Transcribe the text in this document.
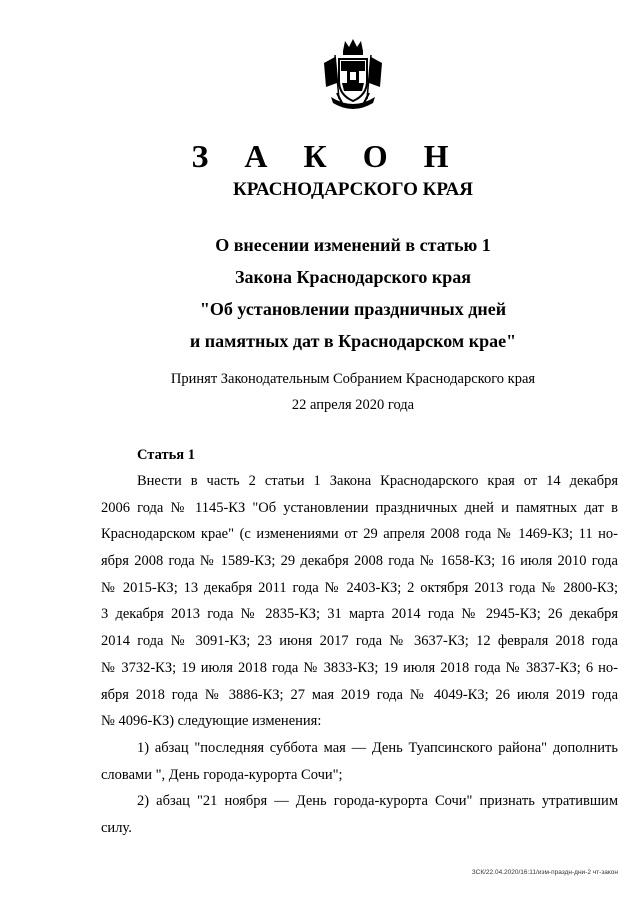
З А К О Н
КРАСНОДАРСКОГО КРАЯ
О внесении изменений в статью 1
Закона Краснодарского края
"Об установлении праздничных дней
и памятных дат в Краснодарском крае"
Принят Законодательным Собранием Краснодарского края
22 апреля 2020 года
Статья 1
Внести в часть 2 статьи 1 Закона Краснодарского края от 14 декабря
2006 года № 1145-КЗ "Об установлении праздничных дней и памятных дат в
Краснодарском крае" (с изменениями от 29 апреля 2008 года № 1469-КЗ; 11 но-
ября 2008 года № 1589-КЗ; 29 декабря 2008 года № 1658-КЗ; 16 июля 2010 года
№ 2015-КЗ; 13 декабря 2011 года № 2403-КЗ; 2 октября 2013 года № 2800-КЗ;
3 декабря 2013 года № 2835-КЗ; 31 марта 2014 года № 2945-КЗ; 26 декабря
2014 года № 3091-КЗ; 23 июня 2017 года № 3637-КЗ; 12 февраля 2018 года
№ 3732-КЗ; 19 июля 2018 года № 3833-КЗ; 19 июля 2018 года № 3837-КЗ; 6 но-
ября 2018 года № 3886-КЗ; 27 мая 2019 года № 4049-КЗ; 26 июля 2019 года
№ 4096-КЗ) следующие изменения:
1) абзац "последняя суббота мая — День Туапсинского района" дополнить
словами ", День города-курорта Сочи";
2) абзац "21 ноября — День города-курорта Сочи" признать утратившим
силу.
ЗСК/22.04.2020/16:11/изм-праздн-дни-2 чт-закон
